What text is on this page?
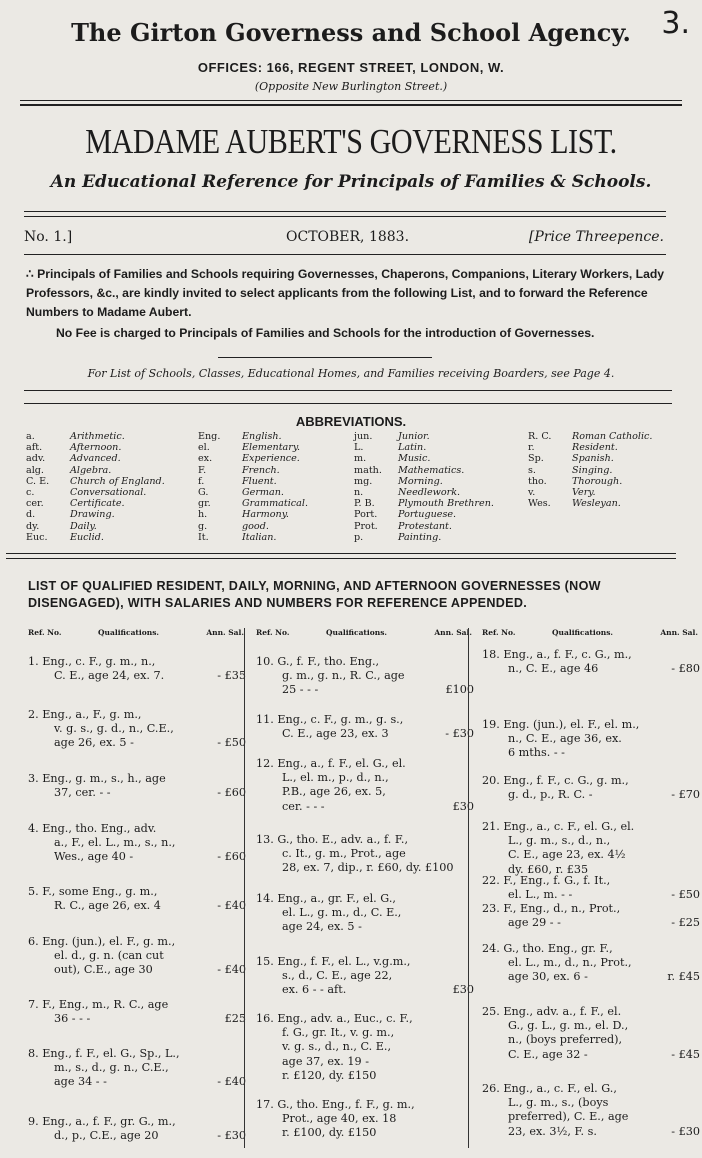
3.
The Girton Governess and School Agency.
OFFICES: 166, REGENT STREET, LONDON, W.
(Opposite New Burlington Street.)
MADAME AUBERT'S GOVERNESS LIST.
An Educational Reference for Principals of Families & Schools.
No. 1.]	OCTOBER, 1883.	[Price Threepence.

∴ Principals of Families and Schools requiring Governesses, Chaperons, Companions, Literary Workers, Lady Professors, &c., are kindly invited to select applicants from the following List, and to forward the Reference Numbers to Madame Aubert.

No Fee is charged to Principals of Families and Schools for the introduction of Governesses.

For List of Schools, Classes, Educational Homes, and Families receiving Boarders, see Page 4.
ABBREVIATIONS.
a.	Arithmetic.
aft.	Afternoon.
adv.	Advanced.
alg.	Algebra.
C. E.	Church of England.
c.	Conversational.
cer.	Certificate.
d.	Drawing.
dy.	Daily.
Euc.	Euclid.
Eng.	English.
el.	Elementary.
ex.	Experience.
F.	French.
f.	Fluent.
G.	German.
gr.	Grammatical.
h.	Harmony.
g.	good.
It.	Italian.
jun.	Junior.
L.	Latin.
m.	Music.
math.	Mathematics.
mg.	Morning.
n.	Needlework.
P. B.	Plymouth Brethren.
Port.	Portuguese.
Prot.	Protestant.
p.	Painting.
R. C.	Roman Catholic.
r.	Resident.
Sp.	Spanish.
s.	Singing.
tho.	Thorough.
v.	Very.
Wes.	Wesleyan.

LIST OF QUALIFIED RESIDENT, DAILY, MORNING, AND AFTERNOON GOVERNESSES (NOW DISENGAGED), WITH SALARIES AND NUMBERS FOR REFERENCE APPENDED.

Ref. No.	Qualifications.	Ann. Sal.
1. Eng., c. F., g. m., n.,
C. E., age 24, ex. 7.	- £35
2. Eng., a., F., g. m.,
v. g. s., g. d., n., C.E.,
age 26, ex. 5 -	- £50
3. Eng., g. m., s., h., age
37, cer. - -	- £60
4. Eng., tho. Eng., adv.
a., F., el. L., m., s., n.,
Wes., age 40 -	- £60
5. F., some Eng., g. m.,
R. C., age 26, ex. 4	- £40
6. Eng. (jun.), el. F., g. m.,
el. d., g. n. (can cut
out), C.E., age 30	- £40
7. F., Eng., m., R. C., age
36 - - -	£25
8. Eng., f. F., el. G., Sp., L.,
m., s., d., g. n., C.E.,
age 34 - -	- £40
9. Eng., a., f. F., gr. G., m.,
d., p., C.E., age 20	- £30
Ref. No.	Qualifications.	Ann. Sal.
10. G., f. F., tho. Eng.,
g. m., g. n., R. C., age
25 - - -	£100
11. Eng., c. F., g. m., g. s.,
C. E., age 23, ex. 3	- £30
12. Eng., a., f. F., el. G., el.
L., el. m., p., d., n.,
P.B., age 26, ex. 5,
cer. - - -	£30
13. G., tho. E., adv. a., f. F.,
c. It., g. m., Prot., age
28, ex. 7, dip., r. £60, dy. £100
14. Eng., a., gr. F., el. G.,
el. L., g. m., d., C. E.,
age 24, ex. 5 -
15. Eng., f. F., el. L., v.g.m.,
s., d., C. E., age 22,
ex. 6 - - aft.	£30
16. Eng., adv. a., Euc., c. F.,
f. G., gr. It., v. g. m.,
v. g. s., d., n., C. E.,
age 37, ex. 19 -
r. £120, dy. £150
17. G., tho. Eng., f. F., g. m.,
Prot., age 40, ex. 18
r. £100, dy. £150
Ref. No.	Qualifications.	Ann. Sal.
18. Eng., a., f. F., c. G., m.,
n., C. E., age 46	- £80
19. Eng. (jun.), el. F., el. m.,
n., C. E., age 36, ex.
6 mths. - -
20. Eng., f. F., c. G., g. m.,
g. d., p., R. C. -	- £70
21. Eng., a., c. F., el. G., el.
L., g. m., s., d., n.,
C. E., age 23, ex. 4½
dy. £60, r. £35
22. F., Eng., f. G., f. It.,
el. L., m. - -	- £50
23. F., Eng., d., n., Prot.,
age 29 - -	- £25
24. G., tho. Eng., gr. F.,
el. L., m., d., n., Prot.,
age 30, ex. 6 -	r. £45
25. Eng., adv. a., f. F., el.
G., g. L., g. m., el. D.,
n., (boys preferred),
C. E., age 32 -	- £45
26. Eng., a., c. F., el. G.,
L., g. m., s., (boys
preferred), C. E., age
23, ex. 3½, F. s.	- £30
